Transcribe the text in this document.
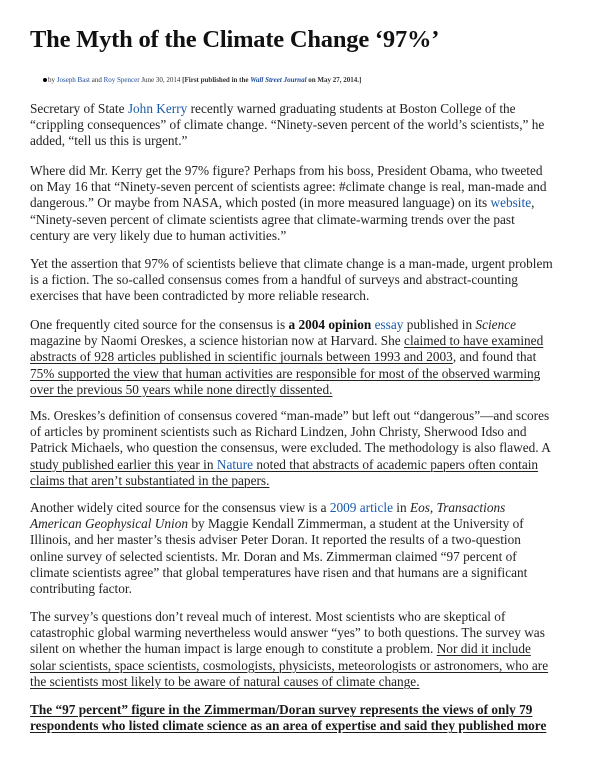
The Myth of the Climate Change ‘97%’
by Joseph Bast and Roy Spencer June 30, 2014 [First published in the Wall Street Journal on May 27, 2014.]
Secretary of State John Kerry recently warned graduating students at Boston College of the
“crippling consequences” of climate change. “Ninety-seven percent of the world’s scientists,” he
added, “tell us this is urgent.”
Where did Mr. Kerry get the 97% figure? Perhaps from his boss, President Obama, who tweeted
on May 16 that “Ninety-seven percent of scientists agree: #climate change is real, man-made and
dangerous.” Or maybe from NASA, which posted (in more measured language) on its website,
“Ninety-seven percent of climate scientists agree that climate-warming trends over the past
century are very likely due to human activities.”
Yet the assertion that 97% of scientists believe that climate change is a man-made, urgent problem
is a fiction. The so-called consensus comes from a handful of surveys and abstract-counting
exercises that have been contradicted by more reliable research.
One frequently cited source for the consensus is a 2004 opinion essay published in Science
magazine by Naomi Oreskes, a science historian now at Harvard. She claimed to have examined
abstracts of 928 articles published in scientific journals between 1993 and 2003, and found that
75% supported the view that human activities are responsible for most of the observed warming
over the previous 50 years while none directly dissented.
Ms. Oreskes’s definition of consensus covered “man-made” but left out “dangerous”—and scores
of articles by prominent scientists such as Richard Lindzen, John Christy, Sherwood Idso and
Patrick Michaels, who question the consensus, were excluded. The methodology is also flawed. A
study published earlier this year in Nature noted that abstracts of academic papers often contain
claims that aren’t substantiated in the papers.
Another widely cited source for the consensus view is a 2009 article in Eos, Transactions
American Geophysical Union by Maggie Kendall Zimmerman, a student at the University of
Illinois, and her master’s thesis adviser Peter Doran. It reported the results of a two-question
online survey of selected scientists. Mr. Doran and Ms. Zimmerman claimed “97 percent of
climate scientists agree” that global temperatures have risen and that humans are a significant
contributing factor.
The survey’s questions don’t reveal much of interest. Most scientists who are skeptical of
catastrophic global warming nevertheless would answer “yes” to both questions. The survey was
silent on whether the human impact is large enough to constitute a problem. Nor did it include
solar scientists, space scientists, cosmologists, physicists, meteorologists or astronomers, who are
the scientists most likely to be aware of natural causes of climate change.
The “97 percent” figure in the Zimmerman/Doran survey represents the views of only 79
respondents who listed climate science as an area of expertise and said they published more
